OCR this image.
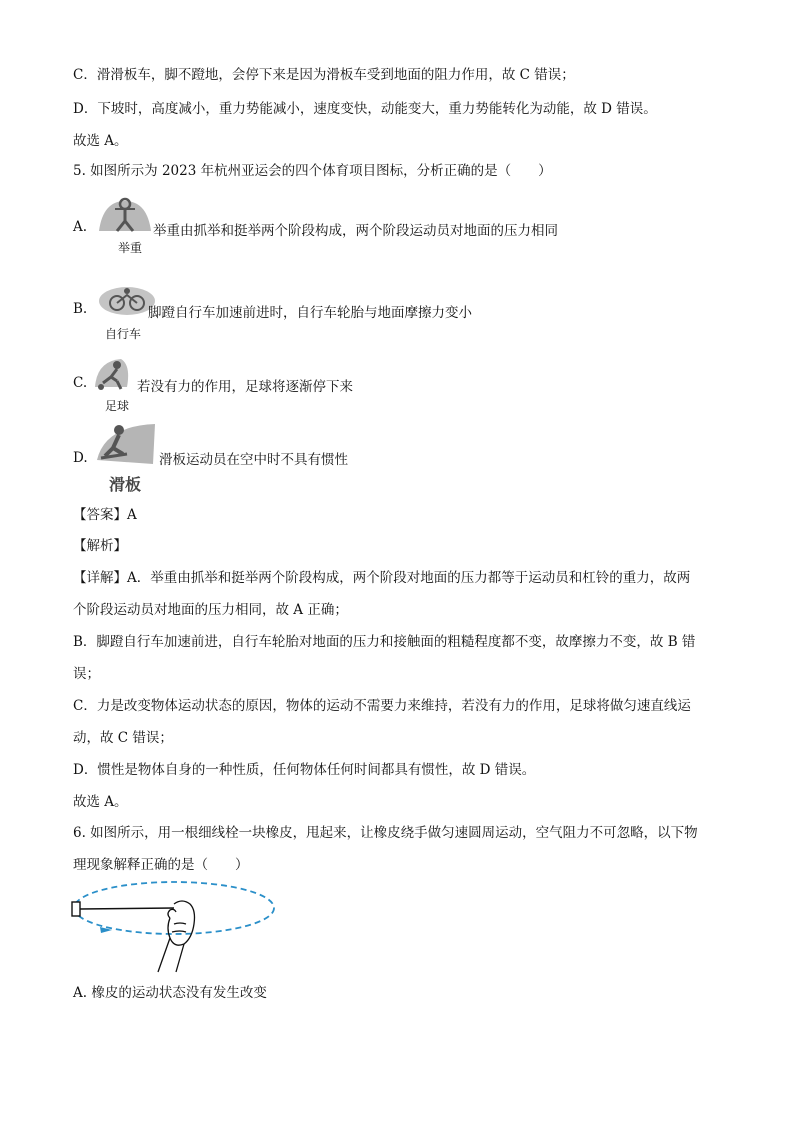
C．滑滑板车，脚不蹬地，会停下来是因为滑板车受到地面的阻力作用，故 C 错误；
D．下坡时，高度减小，重力势能减小，速度变快，动能变大，重力势能转化为动能，故 D 错误。
故选 A。
5. 如图所示为 2023 年杭州亚运会的四个体育项目图标，分析正确的是（　　）
A.
举重
举重由抓举和挺举两个阶段构成，两个阶段运动员对地面的压力相同
B.
自行车
脚蹬自行车加速前进时，自行车轮胎与地面摩擦力变小
C.
足球
若没有力的作用，足球将逐渐停下来
D.
滑板
滑板运动员在空中时不具有惯性
【答案】A
【解析】
【详解】A．举重由抓举和挺举两个阶段构成，两个阶段对地面的压力都等于运动员和杠铃的重力，故两
个阶段运动员对地面的压力相同，故 A 正确；
B．脚蹬自行车加速前进，自行车轮胎对地面的压力和接触面的粗糙程度都不变，故摩擦力不变，故 B 错
误；
C．力是改变物体运动状态的原因，物体的运动不需要力来维持，若没有力的作用，足球将做匀速直线运
动，故 C 错误；
D．惯性是物体自身的一种性质，任何物体任何时间都具有惯性，故 D 错误。
故选 A。
6. 如图所示，用一根细线栓一块橡皮，甩起来，让橡皮绕手做匀速圆周运动，空气阻力不可忽略，以下物
理现象解释正确的是（　　）
A. 橡皮的运动状态没有发生改变
